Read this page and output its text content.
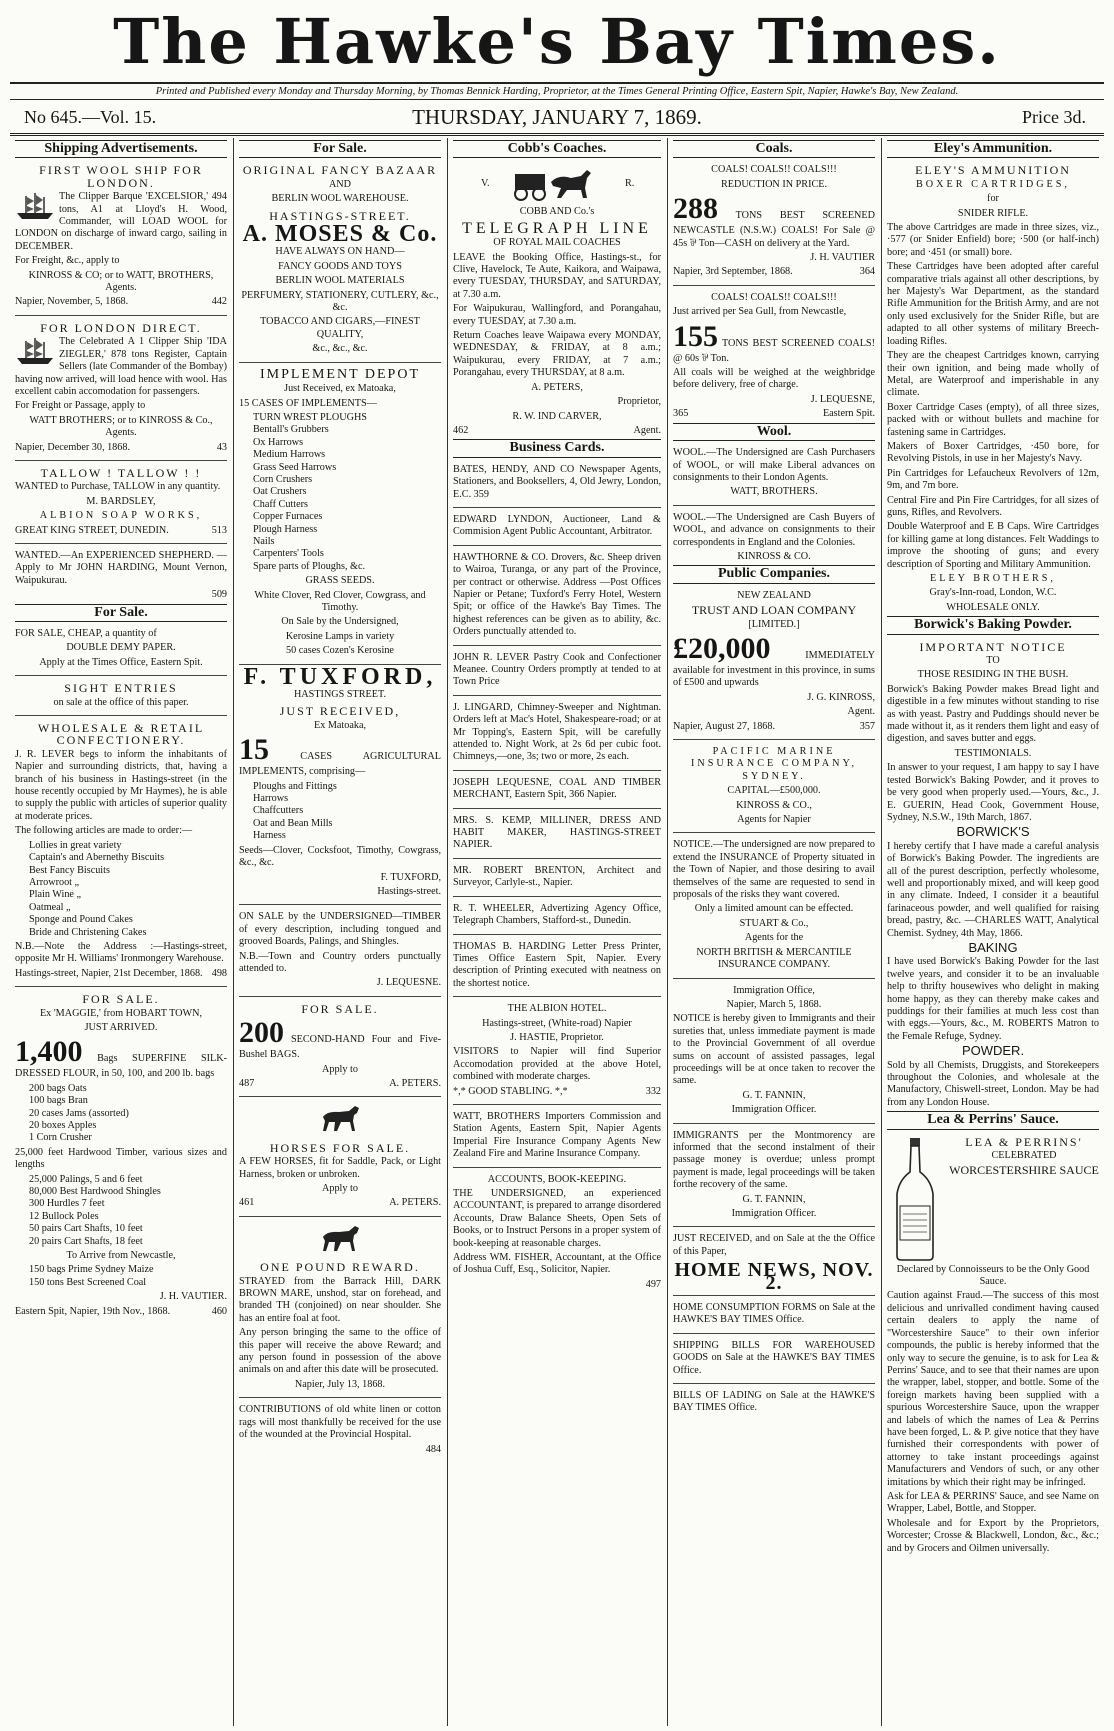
The Hawke's Bay Times.
Printed and Published every Monday and Thursday Morning, by Thomas Bennick Harding, Proprietor, at the Times General Printing Office, Eastern Spit, Napier, Hawke's Bay, New Zealand.
No 645.—Vol. 15.	THURSDAY, JANUARY 7, 1869.	Price 3d.
Shipping Advertisements.
FIRST WOOL SHIP FOR LONDON.

The Clipper Barque 'EXCELSIOR,' 494 tons, A1 at Lloyd's H. Wood, Commander, will LOAD WOOL for LONDON on discharge of inward cargo, sailing in DECEMBER.

For Freight, &c., apply to

KINROSS & CO; or to WATT, BROTHERS, Agents.

Napier, November, 5, 1868.	442

FOR LONDON DIRECT.

The Celebrated A 1 Clipper Ship 'IDA ZIEGLER,' 878 tons Register, Captain Sellers (late Commander of the Bombay) having now arrived, will load hence with wool. Has excellent cabin accomodation for passengers.

For Freight or Passage, apply to

WATT BROTHERS; or to KINROSS & Co., Agents.

Napier, December 30, 1868.	43

TALLOW ! TALLOW ! !

WANTED to Purchase, TALLOW in any quantity.

M. BARDSLEY,

ALBION SOAP WORKS,

GREAT KING STREET, DUNEDIN.	513

WANTED.—An EXPERIENCED SHEPHERD. — Apply to Mr JOHN HARDING, Mount Vernon, Waipukurau.

509

For Sale.

FOR SALE, CHEAP, a quantity of

DOUBLE DEMY PAPER.

Apply at the Times Office, Eastern Spit.

SIGHT ENTRIES

on sale at the office of this paper.

WHOLESALE & RETAIL CONFECTIONERY.

J. R. LEVER begs to inform the inhabitants of Napier and surrounding districts, that, having a branch of his business in Hastings-street (in the house recently occupied by Mr Haymes), he is able to supply the public with articles of superior quality at moderate prices.

The following articles are made to order:—

Lollies in great variety
Captain's and Abernethy Biscuits
Best Fancy Biscuits
Arrowroot „
Plain Wine „
Oatmeal „
Sponge and Pound Cakes
Bride and Christening Cakes

N.B.—Note the Address :—Hastings-street, opposite Mr H. Williams' Ironmongery Warehouse.

Hastings-street, Napier, 21st December, 1868. 498

FOR SALE.

Ex 'MAGGIE,' from HOBART TOWN,

JUST ARRIVED.

1,400 Bags SUPERFINE SILK-DRESSED FLOUR, in 50, 100, and 200 lb. bags

200 bags Oats
100 bags Bran
20 cases Jams (assorted)
20 boxes Apples
1 Corn Crusher

25,000 feet Hardwood Timber, various sizes and lengths

25,000 Palings, 5 and 6 feet
80,000 Best Hardwood Shingles
300 Hurdles 7 feet
12 Bullock Poles
50 pairs Cart Shafts, 10 feet
20 pairs Cart Shafts, 18 feet

To Arrive from Newcastle,

150 bags Prime Sydney Maize
150 tons Best Screened Coal

J. H. VAUTIER.

Eastern Spit, Napier, 19th Nov., 1868.	460

For Sale.
ORIGINAL FANCY BAZAAR

AND

BERLIN WOOL WAREHOUSE.

HASTINGS-STREET.
A. MOSES & Co.

HAVE ALWAYS ON HAND—

FANCY GOODS AND TOYS

BERLIN WOOL MATERIALS

PERFUMERY, STATIONERY, CUTLERY, &c., &c.

TOBACCO AND CIGARS,—FINEST QUALITY,

&c., &c., &c.

IMPLEMENT DEPOT

Just Received, ex Matoaka,

15 CASES OF IMPLEMENTS—

TURN WREST PLOUGHS
Bentall's Grubbers
Ox Harrows
Medium Harrows
Grass Seed Harrows
Corn Crushers
Oat Crushers
Chaff Cutters
Copper Furnaces
Plough Harness
Nails
Carpenters' Tools
Spare parts of Ploughs, &c.

GRASS SEEDS.

White Clover, Red Clover, Cowgrass, and Timothy.

On Sale by the Undersigned,

Kerosine Lamps in variety

50 cases Cozen's Kerosine

F. TUXFORD,

HASTINGS STREET.

JUST RECEIVED,

Ex Matoaka,

15	CASES AGRICULTURAL IMPLEMENTS, comprising—

Ploughs and Fittings
Harrows
Chaffcutters
Oat and Bean Mills
Harness

Seeds—Clover, Cocksfoot, Timothy, Cowgrass, &c., &c.

F. TUXFORD,

Hastings-street.

ON SALE by the UNDERSIGNED—TIMBER of every description, including tongued and grooved Boards, Palings, and Shingles.

N.B.—Town and Country orders punctually attended to.

J. LEQUESNE.

FOR SALE.

200 SECOND-HAND Four and Five-Bushel BAGS.

Apply to

487	A. PETERS.

HORSES FOR SALE.

A FEW HORSES, fit for Saddle, Pack, or Light Harness, broken or unbroken.

Apply to

461	A. PETERS.

ONE POUND REWARD.

STRAYED from the Barrack Hill, DARK BROWN MARE, unshod, star on forehead, and branded TH (conjoined) on near shoulder. She has an entire foal at foot.

Any person bringing the same to the office of this paper will receive the above Reward; and any person found in possession of the above animals on and after this date will be prosecuted.

Napier, July 13, 1868.

CONTRIBUTIONS of old white linen or cotton rags will most thankfully be received for the use of the wounded at the Provincial Hospital.

484

Cobb's Coaches.
V.	R.

COBB AND Co.'s

TELEGRAPH LINE

OF ROYAL MAIL COACHES

LEAVE the Booking Office, Hastings-st., for Clive, Havelock, Te Aute, Kaikora, and Waipawa, every TUESDAY, THURSDAY, and SATURDAY, at 7.30 a.m.

For Waipukurau, Wallingford, and Porangahau, every TUESDAY, at 7.30 a.m.

Return Coaches leave Waipawa every MONDAY, WEDNESDAY, & FRIDAY, at 8 a.m.; Waipukurau, every FRIDAY, at 7 a.m.; Porangahau, every THURSDAY, at 8 a.m.

A. PETERS,

Proprietor,

R. W. IND CARVER,

462	Agent.

Business Cards.

BATES, HENDY, AND CO Newspaper Agents, Stationers, and Booksellers, 4, Old Jewry, London, E.C. 359

EDWARD LYNDON, Auctioneer, Land & Commision Agent Public Accountant, Arbitrator.

HAWTHORNE & CO. Drovers, &c. Sheep driven to Wairoa, Turanga, or any part of the Province, per contract or otherwise. Address —Post Offices Napier or Petane; Tuxford's Ferry Hotel, Western Spit; or office of the Hawke's Bay Times. The highest references can be given as to ability, &c. Orders punctually attended to.

JOHN R. LEVER Pastry Cook and Confectioner Meanee. Country Orders promptly at tended to at Town Price

J. LINGARD, Chimney-Sweeper and Nightman. Orders left at Mac's Hotel, Shakespeare-road; or at Mr Topping's, Eastern Spit, will be carefully attended to. Night Work, at 2s 6d per cubic foot. Chimneys,—one, 3s; two or more, 2s each.

JOSEPH LEQUESNE, COAL AND TIMBER MERCHANT, Eastern Spit, 366 Napier.

MRS. S. KEMP, MILLINER, DRESS AND HABIT MAKER, HASTINGS-STREET NAPIER.

MR. ROBERT BRENTON, Architect and Surveyor, Carlyle-st., Napier.

R. T. WHEELER, Advertizing Agency Office, Telegraph Chambers, Stafford-st., Dunedin.

THOMAS B. HARDING Letter Press Printer, Times Office Eastern Spit, Napier. Every description of Printing executed with neatness on the shortest notice.

THE ALBION HOTEL.

Hastings-street, (White-road) Napier

J. HASTIE, Proprietor.

VISITORS to Napier will find Superior Accomodation provided at the above Hotel, combined with moderate charges.

*,* GOOD STABLING. *,*	332

WATT, BROTHERS Importers Commission and Station Agents, Eastern Spit, Napier Agents Imperial Fire Insurance Company Agents New Zealand Fire and Marine Insurance Company.

ACCOUNTS, BOOK-KEEPING.

THE UNDERSIGNED, an experienced ACCOUNTANT, is prepared to arrange disordered Accounts, Draw Balance Sheets, Open Sets of Books, or to Instruct Persons in a proper system of book-keeping at reasonable charges.

Address WM. FISHER, Accountant, at the Office of Joshua Cuff, Esq., Solicitor, Napier.

497

Coals.

COALS! COALS!! COALS!!!

REDUCTION IN PRICE.

288 TONS BEST SCREENED NEWCASTLE (N.S.W.) COALS! For Sale @ 45s ⅌ Ton—CASH on delivery at the Yard.

J. H. VAUTIER

Napier, 3rd September, 1868.	364

COALS! COALS!! COALS!!!

Just arrived per Sea Gull, from Newcastle,

155 TONS BEST SCREENED COALS! @ 60s ⅌ Ton.

All coals will be weighed at the weighbridge before delivery, free of charge.

J. LEQUESNE,

365	Eastern Spit.

Wool.

WOOL.—The Undersigned are Cash Purchasers of WOOL, or will make Liberal advances on consignments to their London Agents.

WATT, BROTHERS.

WOOL.—The Undersigned are Cash Buyers of WOOL, and advance on consignments to their correspondents in England and the Colonies.

KINROSS & CO.

Public Companies.

NEW ZEALAND

TRUST AND LOAN COMPANY

[LIMITED.]

£20,000	IMMEDIATELY available for investment in this province, in sums of £500 and upwards

J. G. KINROSS,

Agent.

Napier, August 27, 1868.	357

PACIFIC MARINE INSURANCE COMPANY, SYDNEY.

CAPITAL—£500,000.

KINROSS & CO.,

Agents for Napier

NOTICE.—The undersigned are now prepared to extend the INSURANCE of Property situated in the Town of Napier, and those desiring to avail themselves of the same are requested to send in proposals of the risks they want covered.

Only a limited amount can be effected.

STUART & Co.,

Agents for the

NORTH BRITISH & MERCANTILE INSURANCE COMPANY.

Immigration Office,

Napier, March 5, 1868.

NOTICE is hereby given to Immigrants and their sureties that, unless immediate payment is made to the Provincial Government of all overdue sums on account of assisted passages, legal proceedings will be at once taken to recover the same.

G. T. FANNIN,

Immigration Officer.

IMMIGRANTS per the Montmorency are informed that the second instalment of their passage money is overdue; unless prompt payment is made, legal proceedings will be taken forthe recovery of the same.

G. T. FANNIN,

Immigration Officer.

JUST RECEIVED, and on Sale at the the Office of this Paper,

HOME NEWS, NOV. 2.

HOME CONSUMPTION FORMS on Sale at the HAWKE'S BAY TIMES Office.

SHIPPING BILLS FOR WAREHOUSED GOODS on Sale at the HAWKE'S BAY TIMES Office.

BILLS OF LADING on Sale at the HAWKE'S BAY TIMES Office.

Eley's Ammunition.
ELEY'S AMMUNITION

BOXER CARTRIDGES,

for

SNIDER RIFLE.

The above Cartridges are made in three sizes, viz., ·577 (or Snider Enfield) bore; ·500 (or half-inch) bore; and ·451 (or small) bore.

These Cartridges have been adopted after careful comparative trials against all other descriptions, by her Majesty's War Department, as the standard Rifle Ammunition for the British Army, and are not only used exclusively for the Snider Rifle, but are adapted to all other systems of military Breech-loading Rifles.

They are the cheapest Cartridges known, carrying their own ignition, and being made wholly of Metal, are Waterproof and imperishable in any climate.

Boxer Cartridge Cases (empty), of all three sizes, packed with or without bullets and machine for fastening same in Cartridges.

Makers of Boxer Cartridges, ·450 bore, for Revolving Pistols, in use in her Majesty's Navy.

Pin Cartridges for Lefaucheux Revolvers of 12m, 9m, and 7m bore.

Central Fire and Pin Fire Cartridges, for all sizes of guns, Rifles, and Revolvers.

Double Waterproof and E B Caps. Wire Cartridges for killing game at long distances. Felt Waddings to improve the shooting of guns; and every description of Sporting and Military Ammunition.

ELEY BROTHERS,

Gray's-Inn-road, London, W.C.

WHOLESALE ONLY.

Borwick's Baking Powder.
IMPORTANT NOTICE

TO

THOSE RESIDING IN THE BUSH.

Borwick's Baking Powder makes Bread light and digestible in a few minutes without standing to rise as with yeast. Pastry and Puddings should never be made without it, as it renders them light and easy of digestion, and saves butter and eggs.

TESTIMONIALS.

In answer to your request, I am happy to say I have tested Borwick's Baking Powder, and it proves to be very good when properly used.—Yours, &c., J. E. GUERIN, Head Cook, Government House, Sydney, N.S.W., 19th March, 1867.

BORWICK'S

I hereby certify that I have made a careful analysis of Borwick's Baking Powder. The ingredients are all of the purest description, perfectly wholesome, well and proportionably mixed, and will keep good in any climate. Indeed, I consider it a beautiful farinaceous powder, and well qualified for raising bread, pastry, &c. —CHARLES WATT, Analytical Chemist. Sydney, 4th May, 1866.

BAKING

I have used Borwick's Baking Powder for the last twelve years, and consider it to be an invaluable help to thrifty housewives who delight in making home happy, as they can thereby make cakes and puddings for their families at much less cost than with eggs.—Yours, &c., M. ROBERTS Matron to the Female Refuge, Sydney.

POWDER.

Sold by all Chemists, Druggists, and Storekeepers throughout the Colonies, and wholesale at the Manufactory, Chiswell-street, London. May be had from any London House.

Lea & Perrins' Sauce.
LEA & PERRINS'

CELEBRATED

WORCESTERSHIRE SAUCE

Declared by Connoisseurs to be the Only Good Sauce.

Caution against Fraud.—The success of this most delicious and unrivalled condiment having caused certain dealers to apply the name of "Worcestershire Sauce" to their own inferior compounds, the public is hereby informed that the only way to secure the genuine, is to ask for Lea & Perrins' Sauce, and to see that their names are upon the wrapper, label, stopper, and bottle. Some of the foreign markets having been supplied with a spurious Worcestershire Sauce, upon the wrapper and labels of which the names of Lea & Perrins have been forged, L. & P. give notice that they have furnished their correspondents with power of attorney to take instant proceedings against Manufacturers and Vendors of such, or any other imitations by which their right may be infringed.

Ask for LEA & PERRINS' Sauce, and see Name on Wrapper, Label, Bottle, and Stopper.

Wholesale and for Export by the Proprietors, Worcester; Crosse & Blackwell, London, &c., &c.; and by Grocers and Oilmen universally.
